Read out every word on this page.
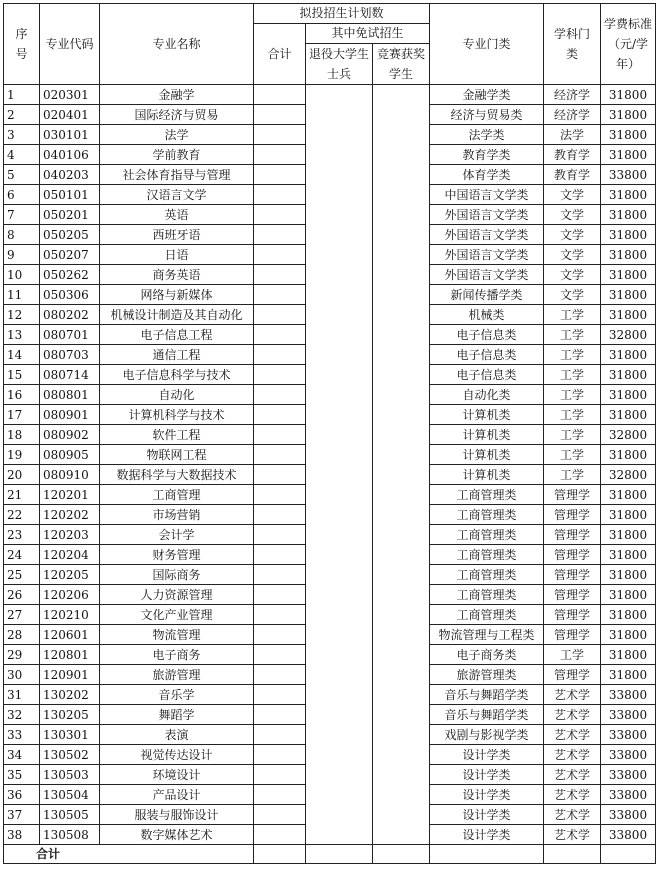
序号	专业代码	专业名称	拟投招生计划数			专业门类	学科门类	学费标准（元/学年）
			合计	其中免试招生				
				退役大学生士兵	竞赛获奖学生			

1	020301	金融学				金融学类	经济学	31800
2	020401	国际经济与贸易				经济与贸易类	经济学	31800
3	030101	法学				法学类	法学	31800
4	040106	学前教育				教育学类	教育学	31800
5	040203	社会体育指导与管理				体育学类	教育学	33800
6	050101	汉语言文学				中国语言文学类	文学	31800
7	050201	英语				外国语言文学类	文学	31800
8	050205	西班牙语				外国语言文学类	文学	31800
9	050207	日语				外国语言文学类	文学	31800
10	050262	商务英语				外国语言文学类	文学	31800
11	050306	网络与新媒体				新闻传播学类	文学	31800
12	080202	机械设计制造及其自动化				机械类	工学	31800
13	080701	电子信息工程				电子信息类	工学	32800
14	080703	通信工程				电子信息类	工学	31800
15	080714	电子信息科学与技术				电子信息类	工学	31800
16	080801	自动化				自动化类	工学	31800
17	080901	计算机科学与技术				计算机类	工学	31800
18	080902	软件工程				计算机类	工学	32800
19	080905	物联网工程				计算机类	工学	31800
20	080910	数据科学与大数据技术				计算机类	工学	32800
21	120201	工商管理				工商管理类	管理学	31800
22	120202	市场营销				工商管理类	管理学	31800
23	120203	会计学				工商管理类	管理学	31800
24	120204	财务管理				工商管理类	管理学	31800
25	120205	国际商务				工商管理类	管理学	31800
26	120206	人力资源管理				工商管理类	管理学	31800
27	120210	文化产业管理				工商管理类	管理学	31800
28	120601	物流管理				物流管理与工程类	管理学	31800
29	120801	电子商务				电子商务类	工学	31800
30	120901	旅游管理				旅游管理类	管理学	31800
31	130202	音乐学				音乐与舞蹈学类	艺术学	33800
32	130205	舞蹈学				音乐与舞蹈学类	艺术学	33800
33	130301	表演				戏剧与影视学类	艺术学	33800
34	130502	视觉传达设计				设计学类	艺术学	33800
35	130503	环境设计				设计学类	艺术学	33800
36	130504	产品设计				设计学类	艺术学	33800
37	130505	服装与服饰设计				设计学类	艺术学	33800
38	130508	数字媒体艺术				设计学类	艺术学	33800
合计								
